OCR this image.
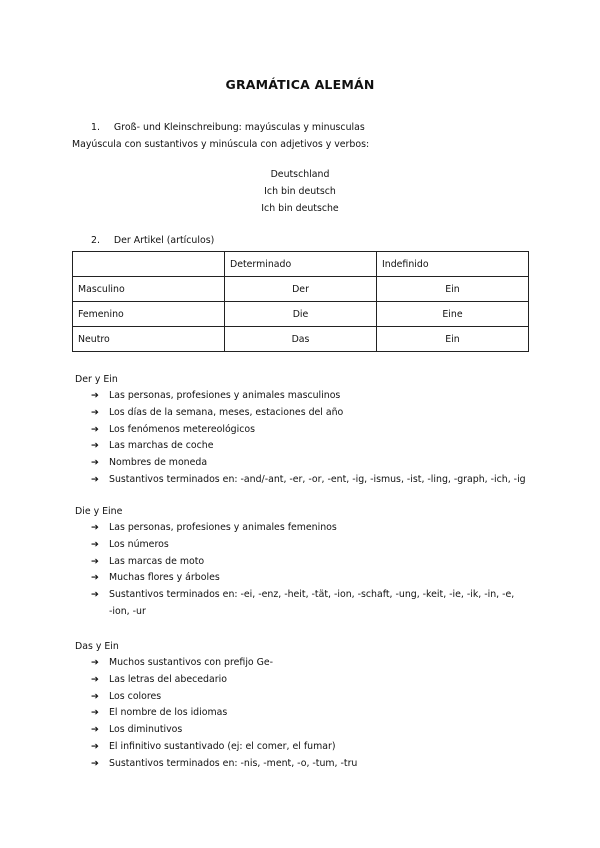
GRAMÁTICA ALEMÁN
1. Groß- und Kleinschreibung: mayúsculas y minusculas
Mayúscula con sustantivos y minúscula con adjetivos y verbos:
Deutschland
Ich bin deutsch
Ich bin deutsche
2. Der Artikel (artículos)
	Determinado	Indefinido
Masculino	Der	Ein
Femenino	Die	Eine
Neutro	Das	Ein
Der y Ein
➔ Las personas, profesiones y animales masculinos
➔ Los días de la semana, meses, estaciones del año
➔ Los fenómenos metereológicos
➔ Las marchas de coche
➔ Nombres de moneda
➔ Sustantivos terminados en: -and/-ant, -er, -or, -ent, -ig, -ismus, -ist, -ling, -graph, -ich, -ig
Die y Eine
➔ Las personas, profesiones y animales femeninos
➔ Los números
➔ Las marcas de moto
➔ Muchas flores y árboles
➔ Sustantivos terminados en: -ei, -enz, -heit, -tät, -ion, -schaft, -ung, -keit, -ie, -ik, -in, -e,
-ion, -ur
Das y Ein
➔ Muchos sustantivos con prefijo Ge-
➔ Las letras del abecedario
➔ Los colores
➔ El nombre de los idiomas
➔ Los diminutivos
➔ El infinitivo sustantivado (ej: el comer, el fumar)
➔ Sustantivos terminados en: -nis, -ment, -o, -tum, -tru
